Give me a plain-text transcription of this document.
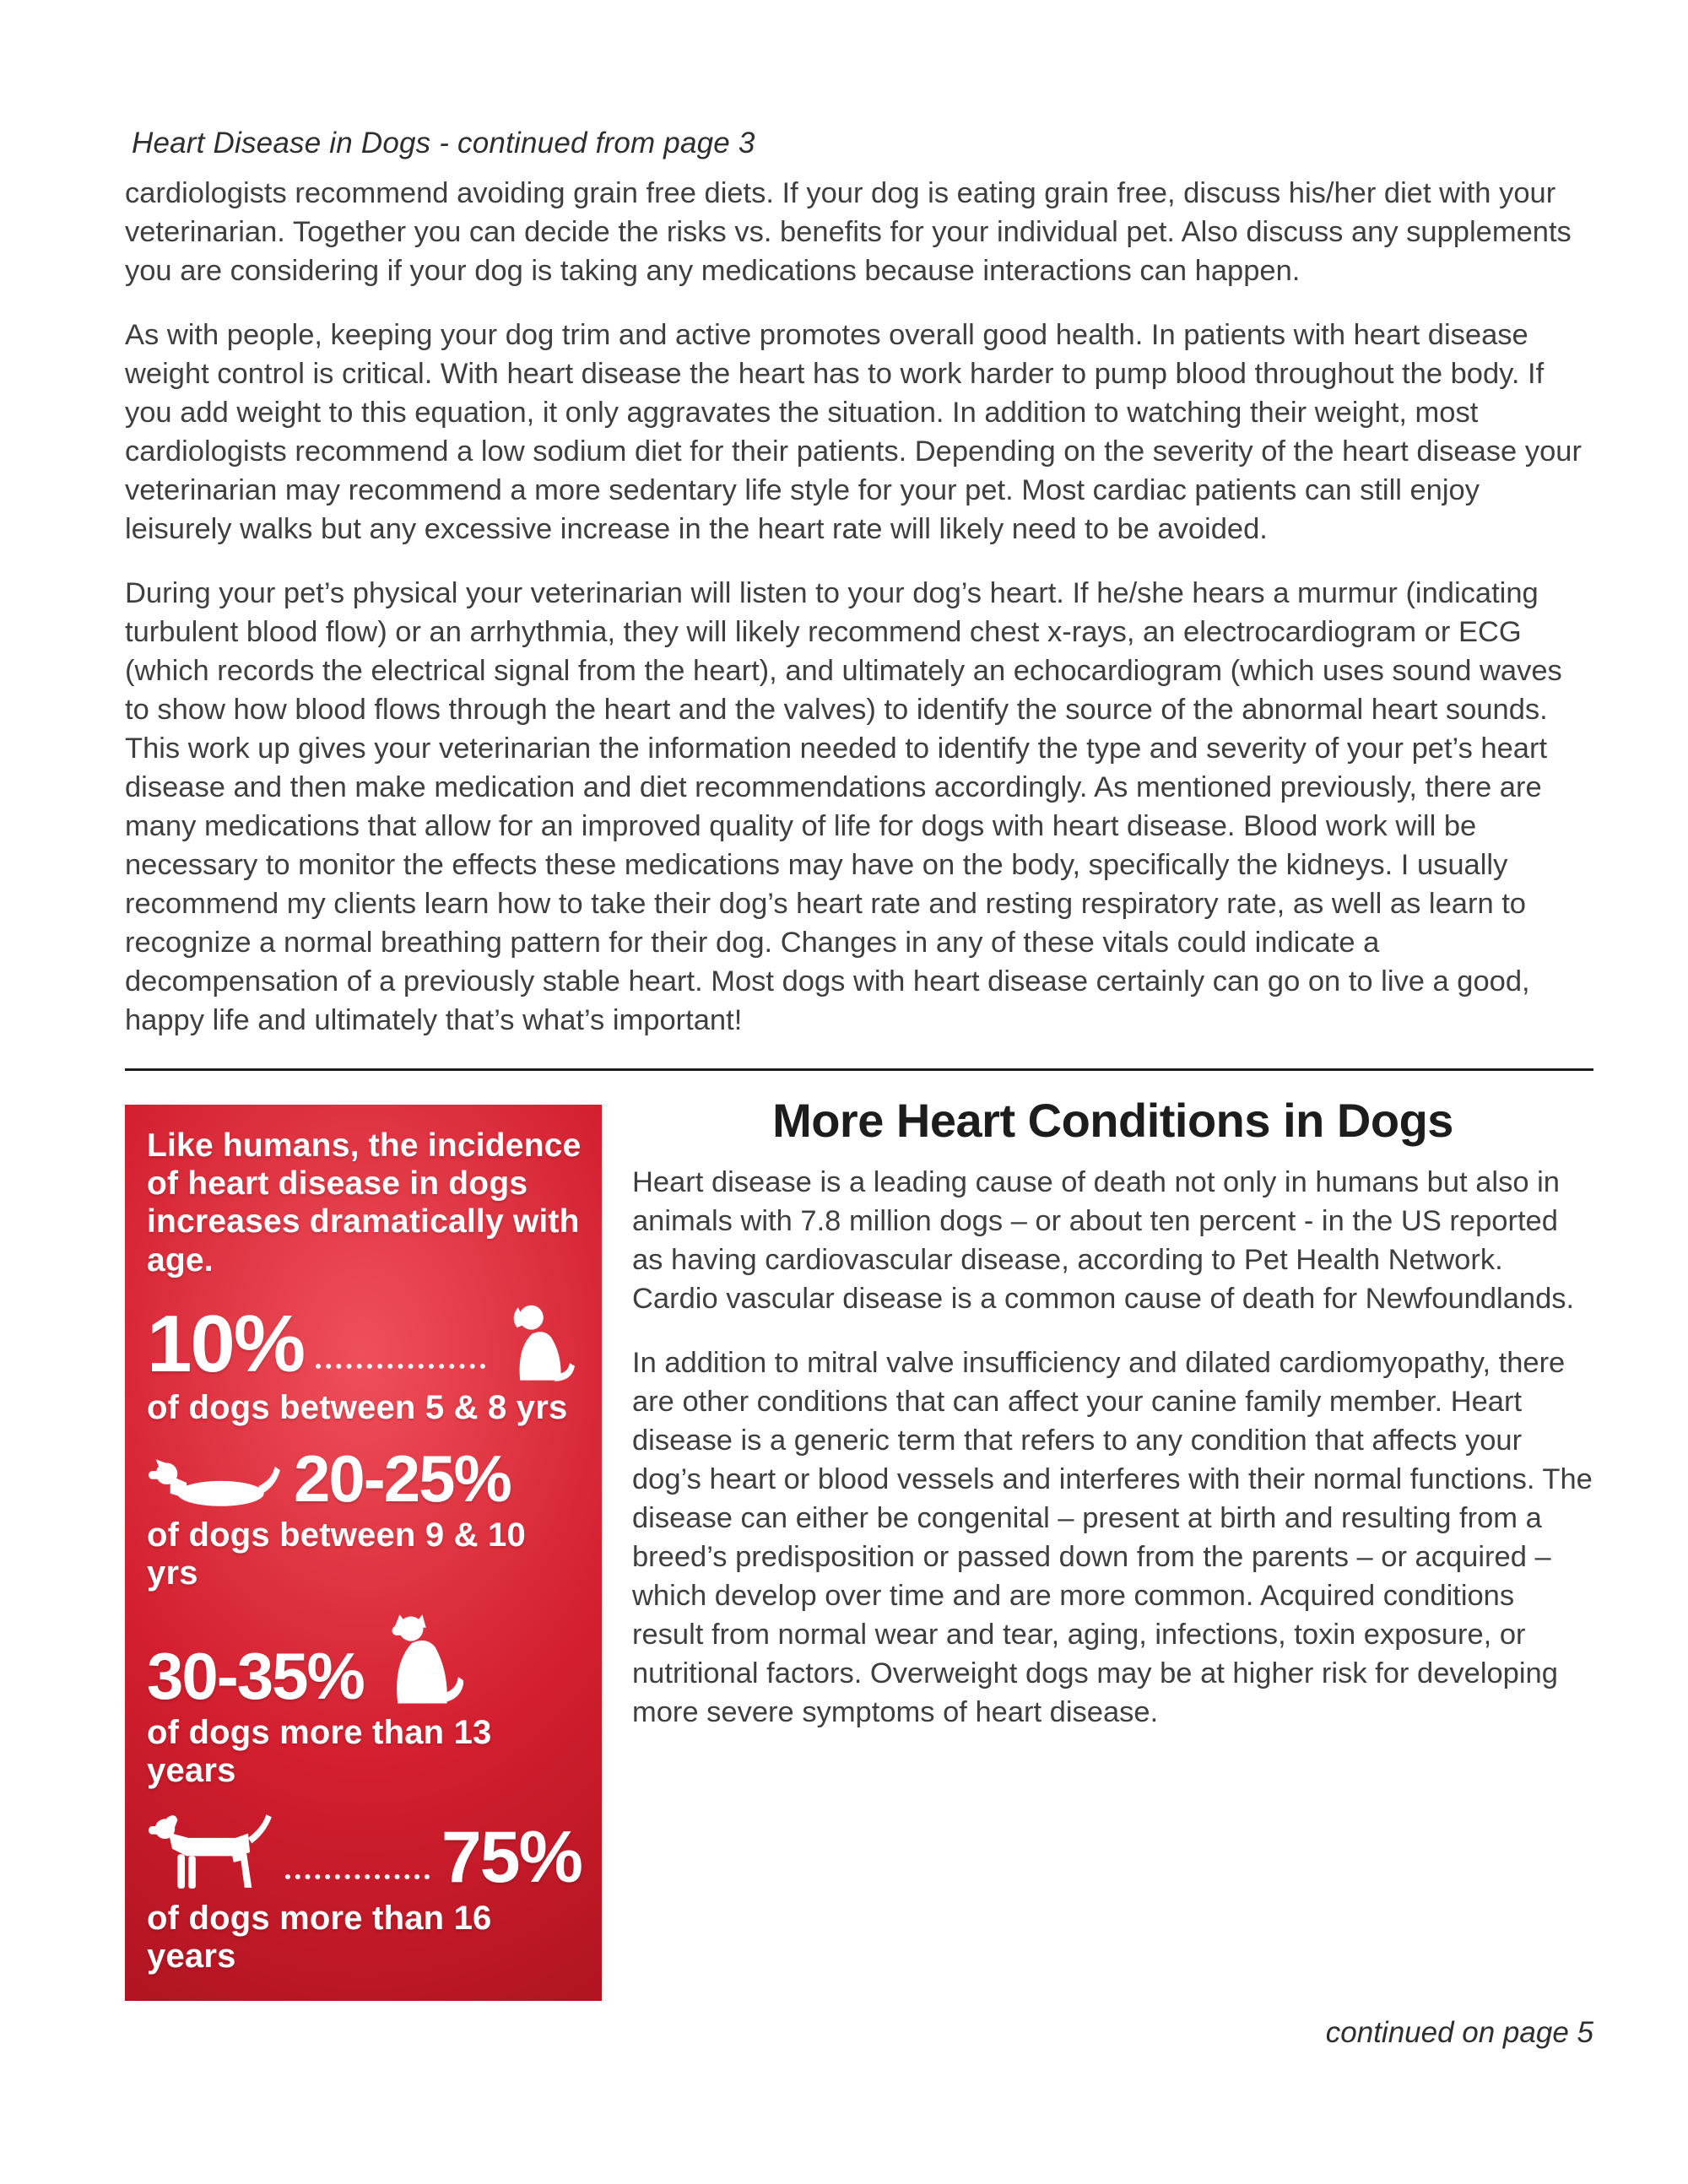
Heart Disease in Dogs - continued from page 3

cardiologists recommend avoiding grain free diets. If your dog is eating grain free, discuss his/her diet with your veterinarian. Together you can decide the risks vs. benefits for your individual pet. Also discuss any supplements you are considering if your dog is taking any medications because interactions can happen.

As with people, keeping your dog trim and active promotes overall good health. In patients with heart disease weight control is critical. With heart disease the heart has to work harder to pump blood throughout the body. If you add weight to this equation, it only aggravates the situation. In addition to watching their weight, most cardiologists recommend a low sodium diet for their patients. Depending on the severity of the heart disease your veterinarian may recommend a more sedentary life style for your pet. Most cardiac patients can still enjoy leisurely walks but any excessive increase in the heart rate will likely need to be avoided.

During your pet’s physical your veterinarian will listen to your dog’s heart. If he/she hears a murmur (indicating turbulent blood flow) or an arrhythmia, they will likely recommend chest x-rays, an electrocardiogram or ECG (which records the electrical signal from the heart), and ultimately an echocardiogram (which uses sound waves to show how blood flows through the heart and the valves) to identify the source of the abnormal heart sounds. This work up gives your veterinarian the information needed to identify the type and severity of your pet’s heart disease and then make medication and diet recommendations accordingly. As mentioned previously, there are many medications that allow for an improved quality of life for dogs with heart disease. Blood work will be necessary to monitor the effects these medications may have on the body, specifically the kidneys. I usually recommend my clients learn how to take their dog’s heart rate and resting respiratory rate, as well as learn to recognize a normal breathing pattern for their dog. Changes in any of these vitals could indicate a decompensation of a previously stable heart. Most dogs with heart disease certainly can go on to live a good, happy life and ultimately that’s what’s important!

Like humans, the incidence of heart disease in dogs increases dramatically with age.
10%
of dogs between 5 & 8 yrs
20-25%
of dogs between 9 & 10 yrs
30-35%
of dogs more than 13 years
75%
of dogs more than 16 years
More Heart Conditions in Dogs

Heart disease is a leading cause of death not only in humans but also in animals with 7.8 million dogs – or about ten percent - in the US reported as having cardiovascular disease, according to Pet Health Network. Cardio vascular disease is a common cause of death for Newfoundlands.

In addition to mitral valve insufficiency and dilated cardiomyopathy, there are other conditions that can affect your canine family member. Heart disease is a generic term that refers to any condition that affects your dog’s heart or blood vessels and interferes with their normal functions. The disease can either be congenital – present at birth and resulting from a breed’s predisposition or passed down from the parents – or acquired – which develop over time and are more common. Acquired conditions result from normal wear and tear, aging, infections, toxin exposure, or nutritional factors. Overweight dogs may be at higher risk for developing more severe symptoms of heart disease.

continued on page 5
